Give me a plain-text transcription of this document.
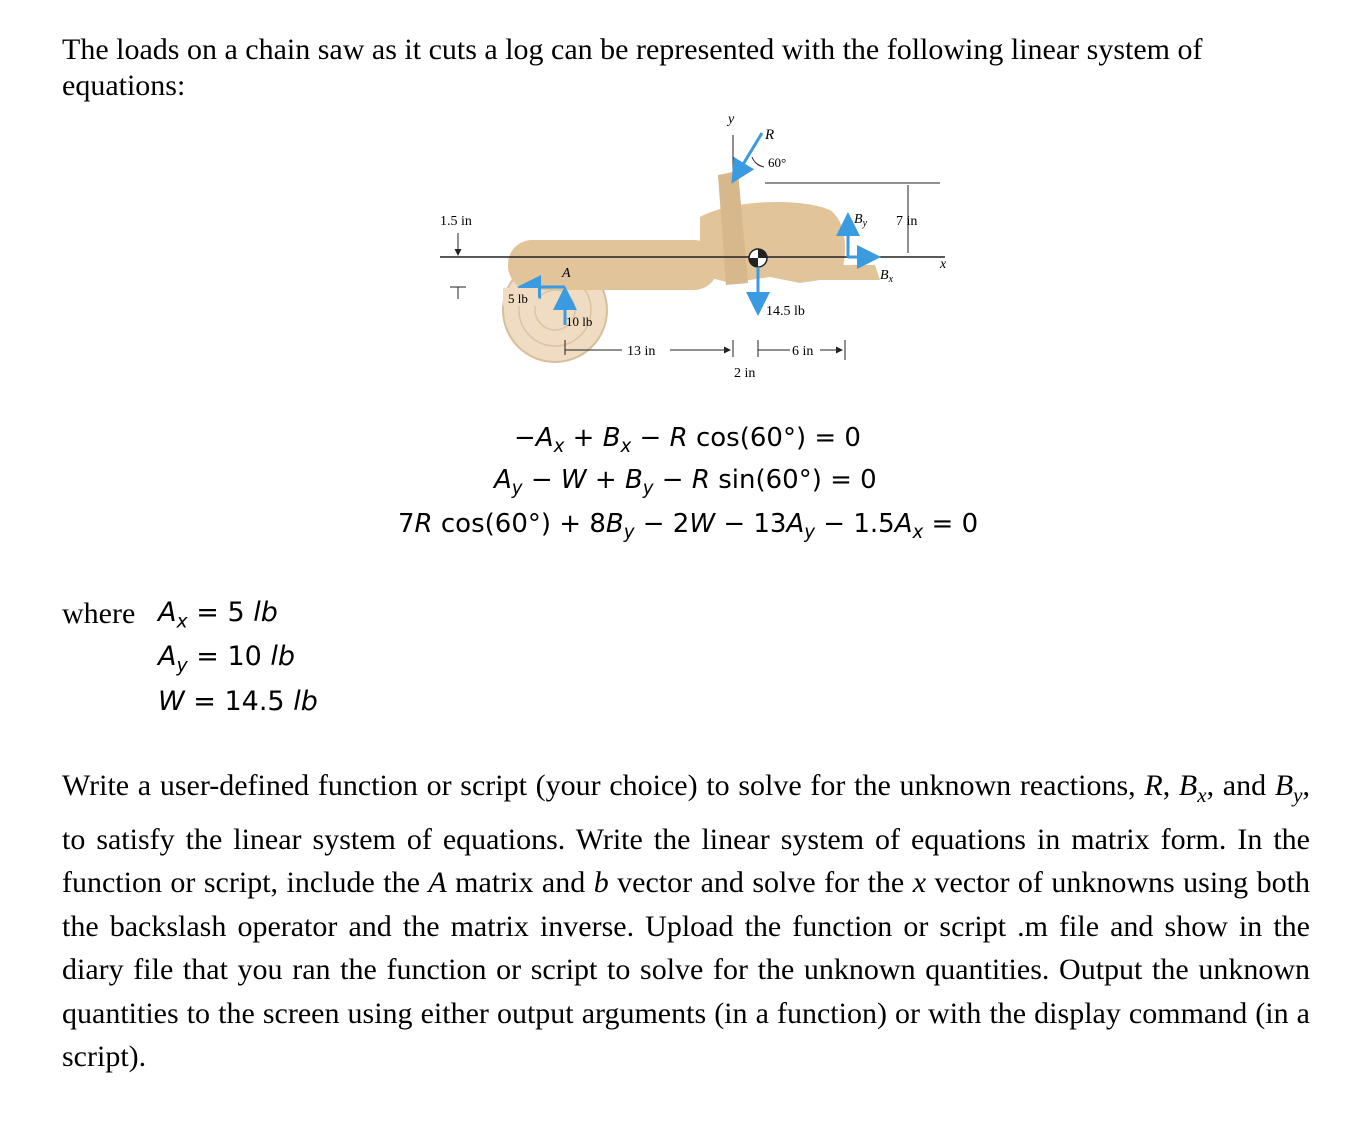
The loads on a chain saw as it cuts a log can be represented with the following linear system of equations:
x
y
R
60°
14.5 lb
$B_y$
$B_x$
7 in
1.5 in
A
5 lb
10 lb
13 in	6 in
2 in
$-A_x + B_x - R$ cos(60°) = 0
$A_y - W + B_y - R$ sin(60°) = 0
7R $\cos(60^\circ) + 8B_y - 2W - 13A_y - 1.5A_x = 0$
where $A_x = 5$ lb
$A_y = 10$ lb
W = 14.5 lb
Write a user-defined function or script (your choice) to solve for the unknown reactions, R, $B_x$, and $B_y$, to satisfy the linear system of equations. Write the linear system of equations in matrix form. In the function or script, include the A matrix and b vector and solve for the x vector of unknowns using both the backslash operator and the matrix inverse. Upload the function or script .m file and show in the diary file that you ran the function or script to solve for the unknown quantities. Output the unknown quantities to the screen using either output arguments (in a function) or with the display command (in a script).
